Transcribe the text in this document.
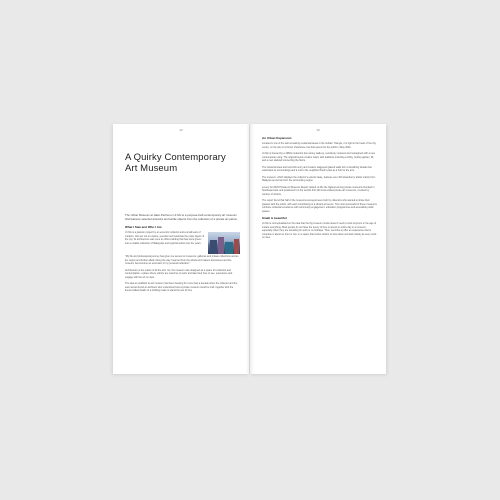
12
A Quirky Contemporary Art Museum

The Urban Museum at Jalan Pertiwi or Ur-Mu is a purpose-built contemporary art museum that features selected artworks and tactile objects from the collection of a private art patron.

What I Saw and Who I Am

Ur-Mu is a passion project by an eccentric collector and a small team of curators, who set out to explore, question and celebrate the many layers of the city. Its architecture was once an office building that has since grown into a notable collection of Malaysian and regional works over the years.

"My life and professional journey has given me access to museums, galleries and private collections across the region and further afield. Along the way I learned from the artists and makers themselves and the museum has become an extension of my personal reflection."

Architecture is the matter of all the arts. So, the museum was designed as a space for collection and contemplation, a place where visitors are welcome to learn and take their time to see, experience and engage with the art on view.

The idea to establish an art museum had been brewing for more than a decade when the collector and the team at last found an architect who understood how a private museum could be built, together with the finest-crafted details of a building made to stand the test of time.

13
An Urban Expansion

Located in one of the last remaining residential areas in the Golden Triangle, it is right in the heart of the city centre, on the site of a former shophouse row that opened to the public in May 2022.

Ur-Mu is housed by a 1960s modernist four-storey walk-up, sensitively restored and reimagined with a new contemporary wing. The original layout remains intact, with additions including a lobby, rooftop garden, lift, and a new stairwell connecting the floors.

The industrial steel and red-brick entry and modern staggered glazed walls form a breathing facade that celebrates its surroundings and a nod to the neighbourhood's past as a hub for the arts.

The museum, which displays the collector's eclectic taste, features over 100 artworks by artists mainly from Malaysia as well as from the surrounding region.

Luxury Art 2023 Private Art Museum Report ranked Ur-Mu the highest among private museums founded in Southeast Asia, and positioned it in the world's first 100 most-visited private art museums, counted by number of visitors.

The report found that half of the museums surveyed were built by collectors who wanted to share their passion with the public, with each contributing to a vibrant art scene. The most successful of these museums combine curatorial excellence with community engagement, education programmes and accessible public spaces.

Small is beautiful

Ur-Mu is conceptualised on the idea that the big museum model doesn't need to work anymore in the age of instant everything. Most people do not have the luxury of time to spend an entire day in a museum, especially when they are travelling for work or on holidays. Thus, we'd like to offer an experience that is complete in about an hour or two, in a space that invites visitors to slow down and look closely at every work on view.
